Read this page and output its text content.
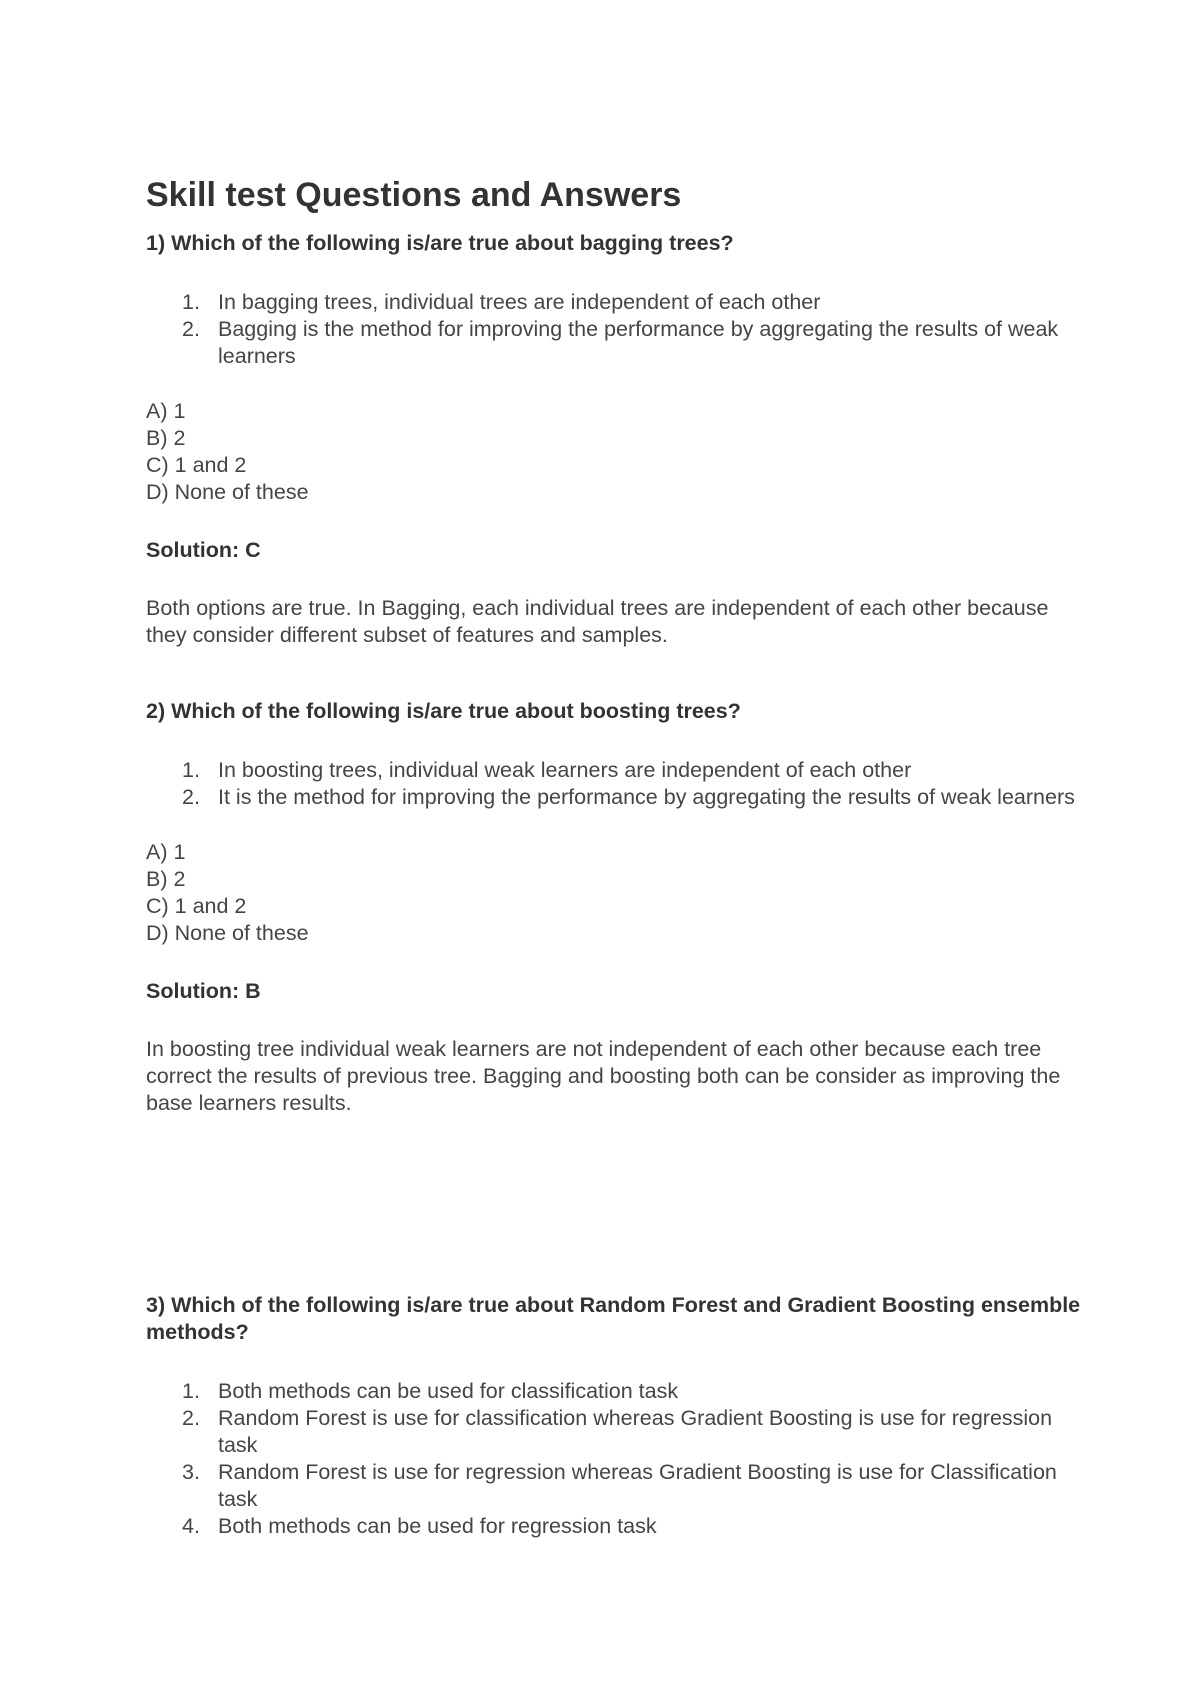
Skill test Questions and Answers

1) Which of the following is/are true about bagging trees?

1. In bagging trees, individual trees are independent of each other
2. Bagging is the method for improving the performance by aggregating the results of weak learners
A) 1
B) 2
C) 1 and 2
D) None of these

Solution: C

Both options are true. In Bagging, each individual trees are independent of each other because they consider different subset of features and samples.

2) Which of the following is/are true about boosting trees?

1. In boosting trees, individual weak learners are independent of each other
2. It is the method for improving the performance by aggregating the results of weak learners
A) 1
B) 2
C) 1 and 2
D) None of these

Solution: B

In boosting tree individual weak learners are not independent of each other because each tree correct the results of previous tree. Bagging and boosting both can be consider as improving the base learners results.

3) Which of the following is/are true about Random Forest and Gradient Boosting ensemble methods?

1. Both methods can be used for classification task
2. Random Forest is use for classification whereas Gradient Boosting is use for regression task
3. Random Forest is use for regression whereas Gradient Boosting is use for Classification task
4. Both methods can be used for regression task
